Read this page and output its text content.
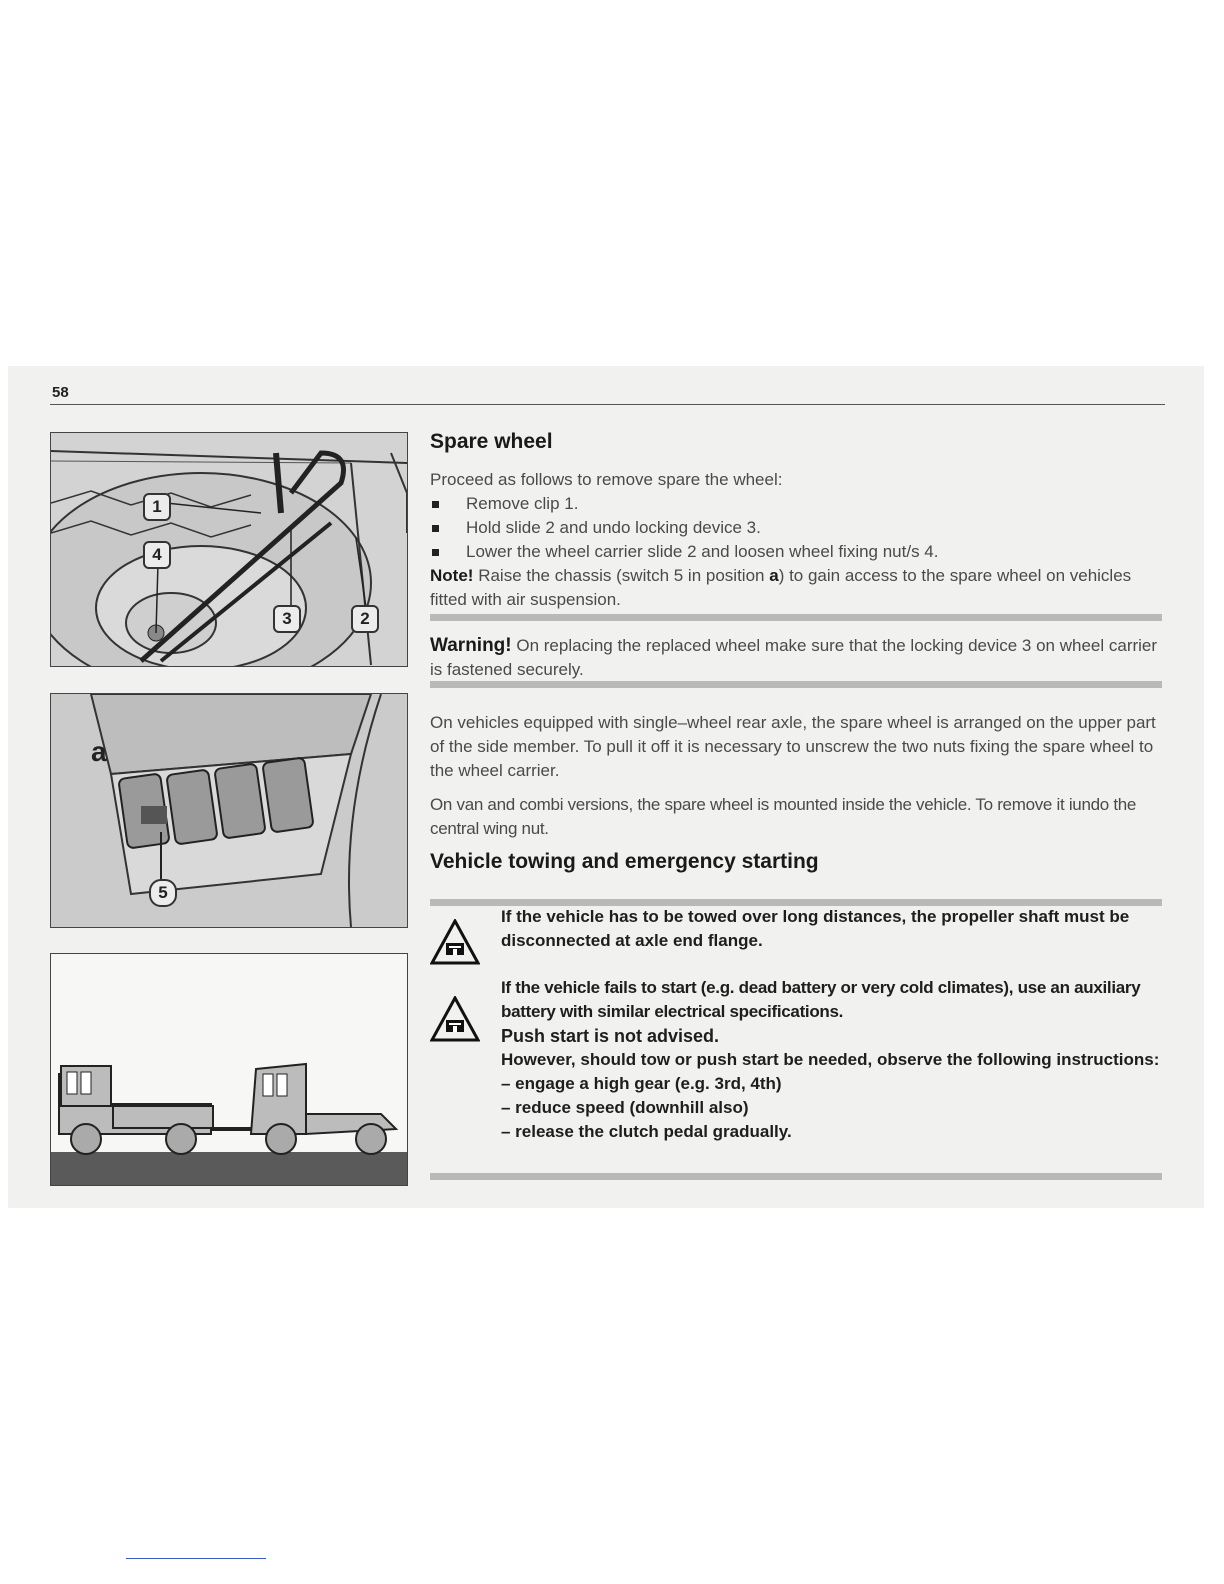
58
1
4
3	2
a
5
Spare wheel

Proceed as follows to remove spare the wheel:

Remove clip 1.
Hold slide 2 and undo locking device 3.
Lower the wheel carrier slide 2 and loosen wheel fixing nut/s 4.

Note! Raise the chassis (switch 5 in position a) to gain access to the spare wheel on vehicles fitted with air suspension.

Warning! On replacing the replaced wheel make sure that the locking device 3 on wheel carrier is fastened securely.

On vehicles equipped with single–wheel rear axle, the spare wheel is arranged on the upper part of the side member. To pull it off it is necessary to unscrew the two nuts fixing the spare wheel to the wheel carrier.

On van and combi versions, the spare wheel is mounted inside the vehicle. To remove it iundo the central wing nut.

Vehicle towing and emergency starting
If the vehicle has to be towed over long distances, the propeller shaft must be disconnected at axle end flange.
If the vehicle fails to start (e.g. dead battery or very cold climates), use an auxiliary battery with similar electrical specifications.
Push start is not advised.
However, should tow or push start be needed, observe the following instructions:
– engage a high gear (e.g. 3rd, 4th)
– reduce speed (downhill also)
– release the clutch pedal gradually.
